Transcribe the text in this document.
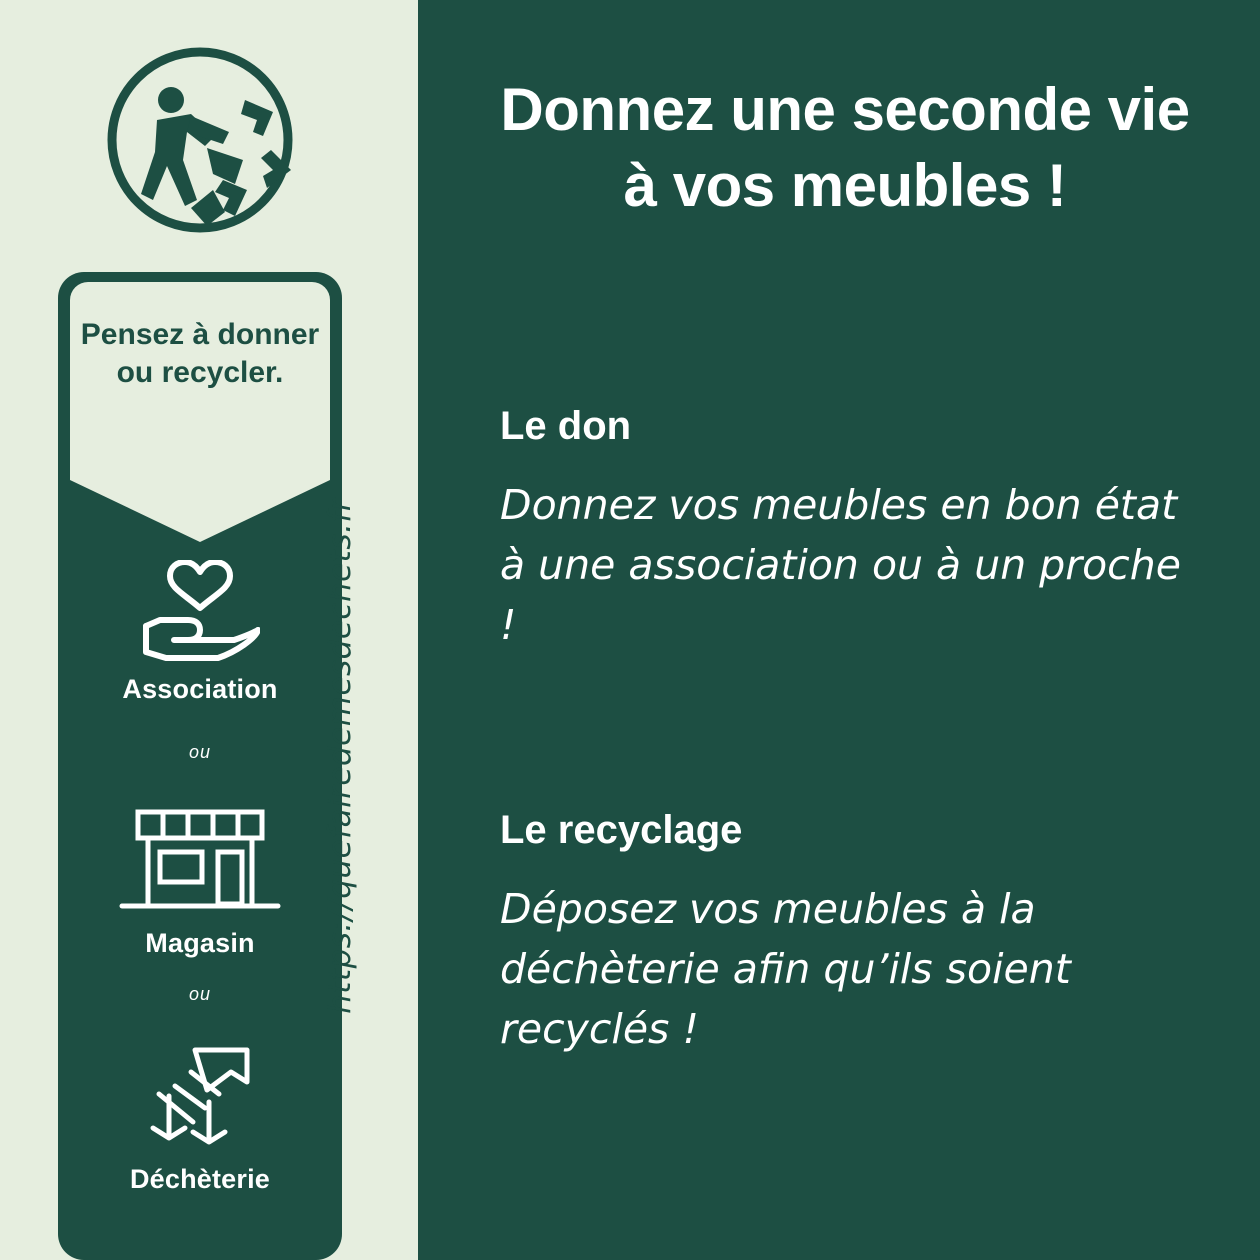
Pensez à donner ou recycler.
Association
ou
Magasin
ou
Déchèterie
https://quefairedemesdechets.fr
Donnez une seconde vie
à vos meubles !
Le don
Donnez vos meubles en bon état à une association ou à un proche !
Le recyclage
Déposez vos meubles à la déchèterie afin qu’ils soient recyclés !
